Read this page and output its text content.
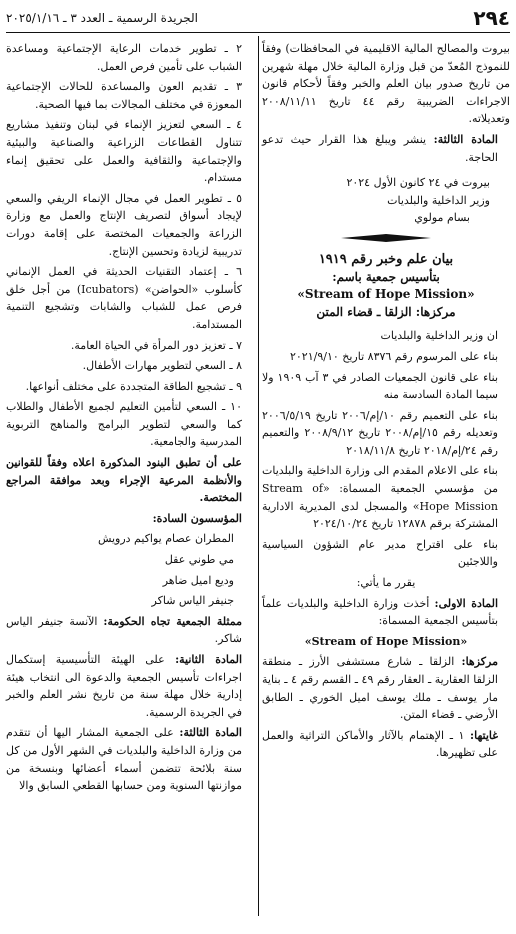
٢٩٤
الجريدة الرسمية ـ العدد ٣ ـ ٢٠٢٥/١/١٦

بيروت والمصالح المالية الاقليمية في المحافظات) وفقاً للنموذج المُعدّ من قبل وزارة المالية خلال مهلة شهرين من تاريخ صدور بيان العلم والخبر وفقاً لأحكام قانون الاجراءات الضريبية رقم ٤٤ تاريخ ٢٠٠٨/١١/١١ وتعديلاته.

المادة الثالثة: ينشر ويبلغ هذا القرار حيث تدعو الحاجة.

بيروت في ٢٤ كانون الأول ٢٠٢٤
وزير الداخلية والبلديات
بسام مولوي
بيان علم وخبر رقم ١٩١٩
بتأسيس جمعية باسم:
«Stream of Hope Mission»
مركزها: الزلقا ـ قضاء المتن

ان وزير الداخلية والبلديات

بناء على المرسوم رقم ٨٣٧٦ تاريخ ٢٠٢١/٩/١٠

بناء على قانون الجمعيات الصادر في ٣ آب ١٩٠٩ ولا سيما المادة السادسة منه

بناء على التعميم رقم ١٠/إم/٢٠٠٦ تاريخ ٢٠٠٦/٥/١٩ وتعديله رقم ١٥/إم/٢٠٠٨ تاريخ ٢٠٠٨/٩/١٢ والتعميم رقم ٢٤/إم/٢٠١٨ تاريخ ٢٠١٨/١١/٨

بناء على الاعلام المقدم الى وزارة الداخلية والبلديات من مؤسسي الجمعية المسماة: «Stream of Hope Mission» والمسجل لدى المديرية الادارية المشتركة برقم ١٢٨٧٨ تاريخ ٢٠٢٤/١٠/٢٤

بناء على اقتراح مدير عام الشؤون السياسية واللاجئين

يقرر ما يأتي:

المادة الاولى: أخذت وزارة الداخلية والبلديات علماً بتأسيس الجمعية المسماة:

«Stream of Hope Mission»

مركزها: الزلقا ـ شارع مستشفى الأرز ـ منطقة الزلقا العقارية ـ العقار رقم ٤٩ ـ القسم رقم ٤ ـ بناية مار يوسف ـ ملك يوسف اميل الخوري ـ الطابق الأرضي ـ قضاء المتن.

غايتها: ١ ـ الإهتمام بالآثار والأماكن التراثية والعمل على تظهيرها.

٢ ـ تطوير خدمات الرعاية الإجتماعية ومساعدة الشباب على تأمين فرص العمل.

٣ ـ تقديم العون والمساعدة للحالات الإجتماعية المعوزة في مختلف المجالات بما فيها الصحية.

٤ ـ السعي لتعزيز الإنماء في لبنان وتنفيذ مشاريع تتناول القطاعات الزراعية والصناعية والبيئية والإجتماعية والثقافية والعمل على تحقيق إنماء مستدام.

٥ ـ تطوير العمل في مجال الإنماء الريفي والسعي لإيجاد أسواق لتصريف الإنتاج والعمل مع وزارة الزراعة والجمعيات المختصة على إقامة دورات تدريبية لزيادة وتحسين الإنتاج.

٦ ـ إعتماد التقنيات الحديثة في العمل الإنماني كأسلوب «الحواضن» (Icubators) من أجل خلق فرص عمل للشباب والشابات وتشجيع التنمية المستدامة.

٧ ـ تعزيز دور المرأة في الحياة العامة.

٨ ـ السعي لتطوير مهارات الأطفال.

٩ ـ تشجيع الطاقة المتجددة على مختلف أنواعها.

١٠ ـ السعي لتأمين التعليم لجميع الأطفال والطلاب كما والسعي لتطوير البرامج والمناهج التربوية المدرسية والجامعية.

على أن تطبق البنود المذكورة اعلاه وفقاً للقوانين والأنظمة المرعية الإجراء وبعد موافقة المراجع المختصة.

المؤسسون السادة:

المطران عصام يواكيم درويش

مي طوني عقل

وديع اميل ضاهر

جنيفر الياس شاكر

ممثلة الجمعية تجاه الحكومة: الآنسة جنيفر الياس شاكر.

المادة الثانية: على الهيئة التأسيسية إستكمال اجراءات تأسيس الجمعية والدعوة الى انتخاب هيئة إدارية خلال مهلة سنة من تاريخ نشر العلم والخبر في الجريدة الرسمية.

المادة الثالثة: على الجمعية المشار اليها أن تتقدم من وزارة الداخلية والبلديات في الشهر الأول من كل سنة بلائحة تتضمن أسماء أعضائها وبنسخة من موازنتها السنوية ومن حسابها القطعي السابق والا
